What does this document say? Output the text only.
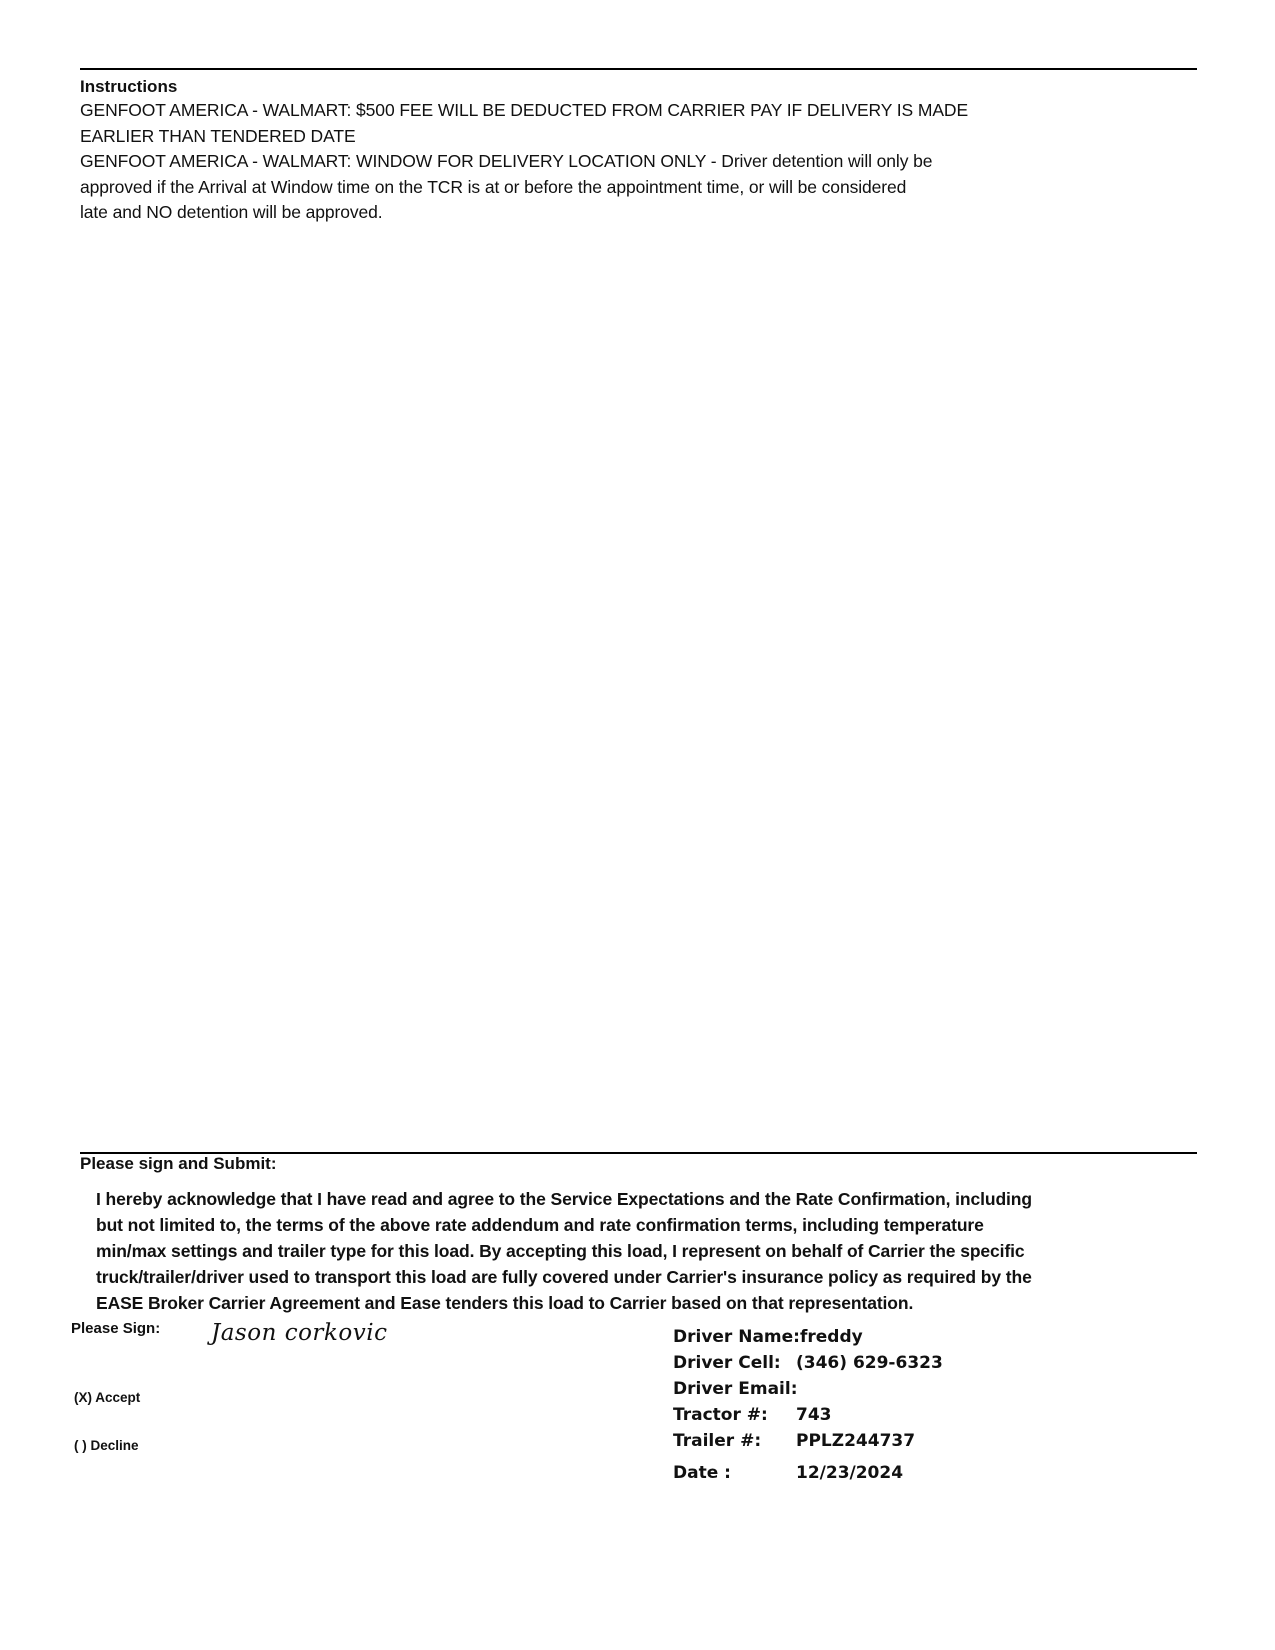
Instructions
GENFOOT AMERICA - WALMART: $500 FEE WILL BE DEDUCTED FROM CARRIER PAY IF DELIVERY IS MADE
EARLIER THAN TENDERED DATE
GENFOOT AMERICA - WALMART: WINDOW FOR DELIVERY LOCATION ONLY - Driver detention will only be
approved if the Arrival at Window time on the TCR is at or before the appointment time, or will be considered
late and NO detention will be approved.
Please sign and Submit:
I hereby acknowledge that I have read and agree to the Service Expectations and the Rate Confirmation, including
but not limited to, the terms of the above rate addendum and rate confirmation terms, including temperature
min/max settings and trailer type for this load. By accepting this load, I represent on behalf of Carrier the specific
truck/trailer/driver used to transport this load are fully covered under Carrier's insurance policy as required by the
EASE Broker Carrier Agreement and Ease tenders this load to Carrier based on that representation.
Please Sign: Jason corkovic
(X) Accept
( ) Decline
Driver Name: freddy
Driver Cell: (346) 629-6323
Driver Email:
Tractor #:	743
Trailer #:	PPLZ244737
Date :	12/23/2024
